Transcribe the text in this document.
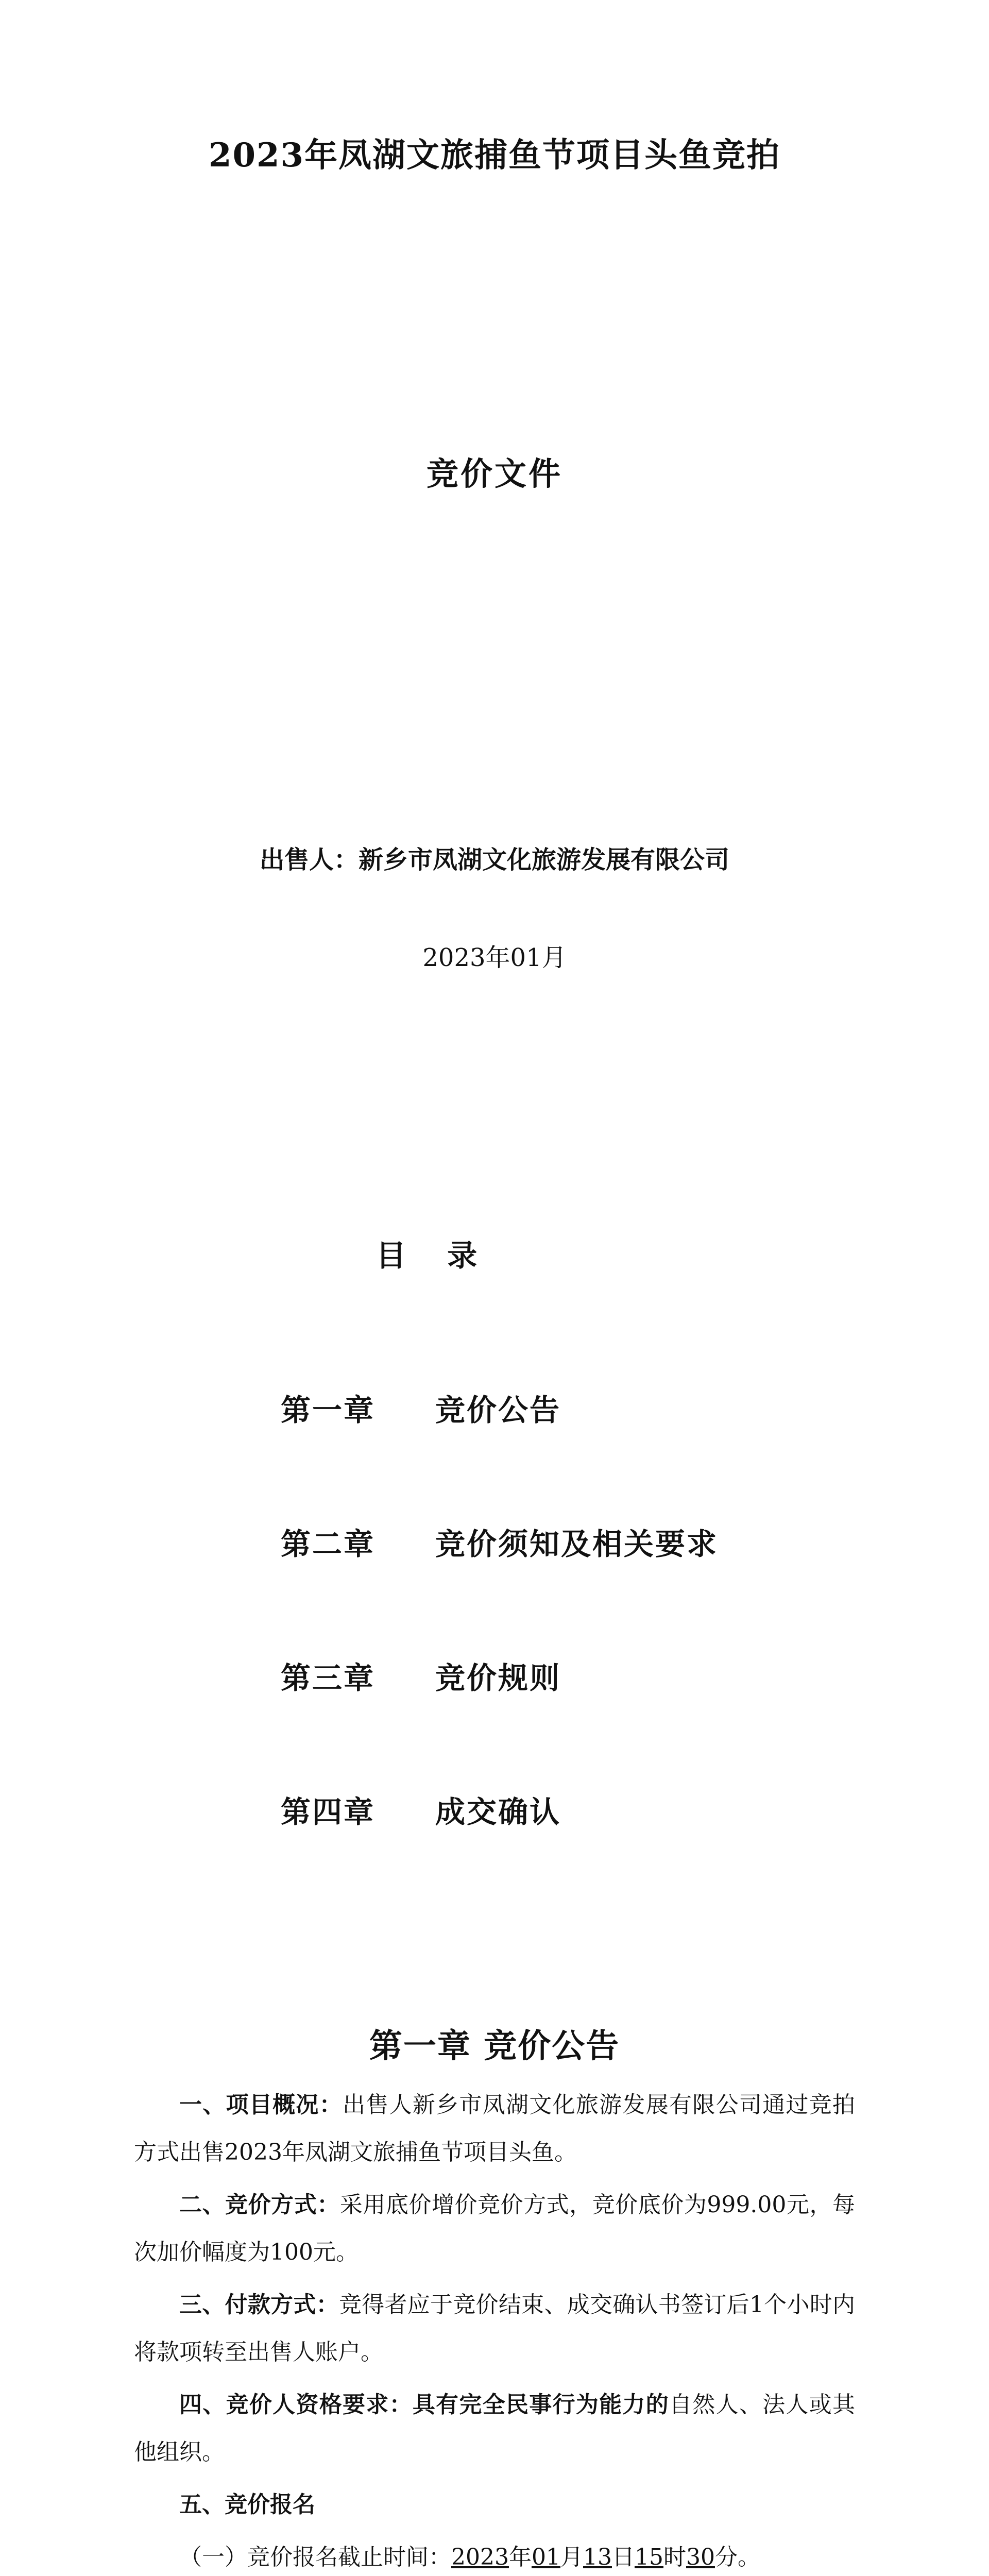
2023年凤湖文旅捕鱼节项目头鱼竞拍
竞价文件
出售人：新乡市凤湖文化旅游发展有限公司
2023年01月
目 录
第一章 竞价公告
第二章 竞价须知及相关要求
第三章 竞价规则
第四章 成交确认
第一章 竞价公告

一、项目概况：出售人新乡市凤湖文化旅游发展有限公司通过竞拍方式出售2023年凤湖文旅捕鱼节项目头鱼。

二、竞价方式：采用底价增价竞价方式，竞价底价为999.00元，每次加价幅度为100元。

三、付款方式：竞得者应于竞价结束、成交确认书签订后1个小时内将款项转至出售人账户。

四、竞价人资格要求：具有完全民事行为能力的自然人、法人或其他组织。

五、竞价报名

（一）竞价报名截止时间：2023年01月13日15时30分。
